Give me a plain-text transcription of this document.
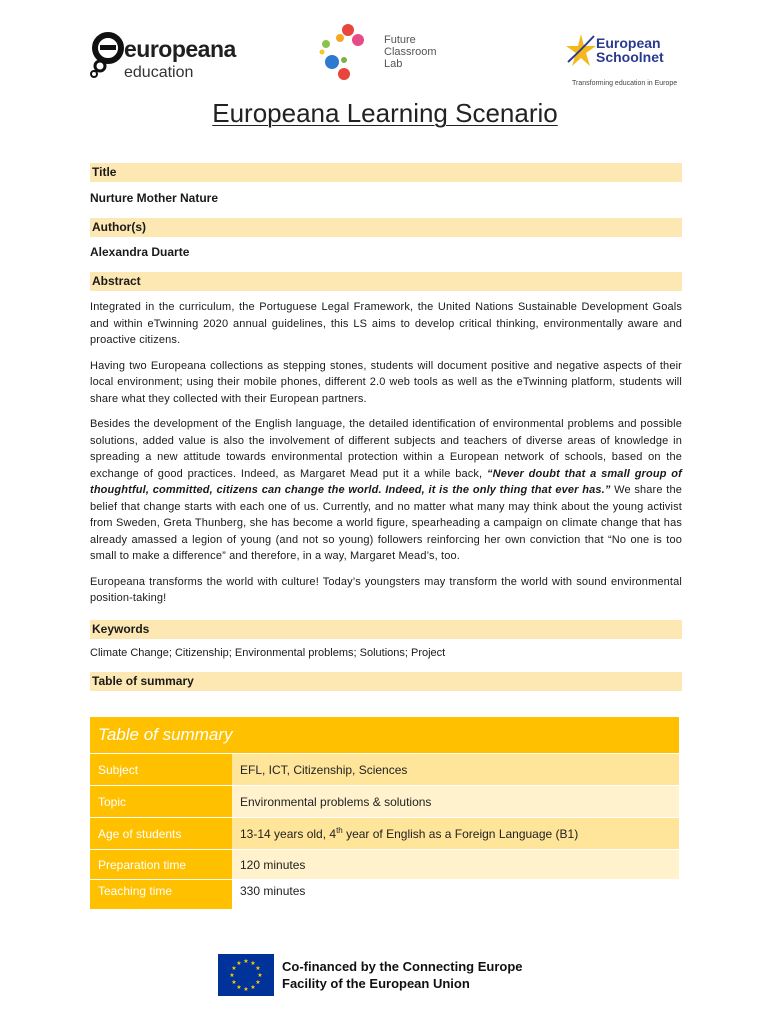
europeana
education
Future
Classroom
Lab
European
Schoolnet
Transforming education in Europe
Europeana Learning Scenario
Title
Nurture Mother Nature
Author(s)
Alexandra Duarte
Abstract

Integrated in the curriculum, the Portuguese Legal Framework, the United Nations Sustainable Development Goals and within eTwinning 2020 annual guidelines, this LS aims to develop critical thinking, environmentally aware and proactive citizens.

Having two Europeana collections as stepping stones, students will document positive and negative aspects of their local environment; using their mobile phones, different 2.0 web tools as well as the eTwinning platform, students will share what they collected with their European partners.

Besides the development of the English language, the detailed identification of environmental problems and possible solutions, added value is also the involvement of different subjects and teachers of diverse areas of knowledge in spreading a new attitude towards environmental protection within a European network of schools, based on the exchange of good practices. Indeed, as Margaret Mead put it a while back, “Never doubt that a small group of thoughtful, committed, citizens can change the world. Indeed, it is the only thing that ever has.” We share the belief that change starts with each one of us. Currently, and no matter what many may think about the young activist from Sweden, Greta Thunberg, she has become a world figure, spearheading a campaign on climate change that has already amassed a legion of young (and not so young) followers reinforcing her own conviction that “No one is too small to make a difference” and therefore, in a way, Margaret Mead’s, too.

Europeana transforms the world with culture! Today’s youngsters may transform the world with sound environmental position-taking!

Keywords
Climate Change; Citizenship; Environmental problems; Solutions; Project
Table of summary
Table of summary	
Subject	EFL, ICT, Citizenship, Sciences
Topic	Environmental problems & solutions
Age of students	13-14 years old, 4th year of English as a Foreign Language (B1)
Preparation time	120 minutes
Teaching time	330 minutes
★ ★
★
★
★
★
★
★
★
★
★
★	Co-financed by the Connecting Europe
Facility of the European Union
